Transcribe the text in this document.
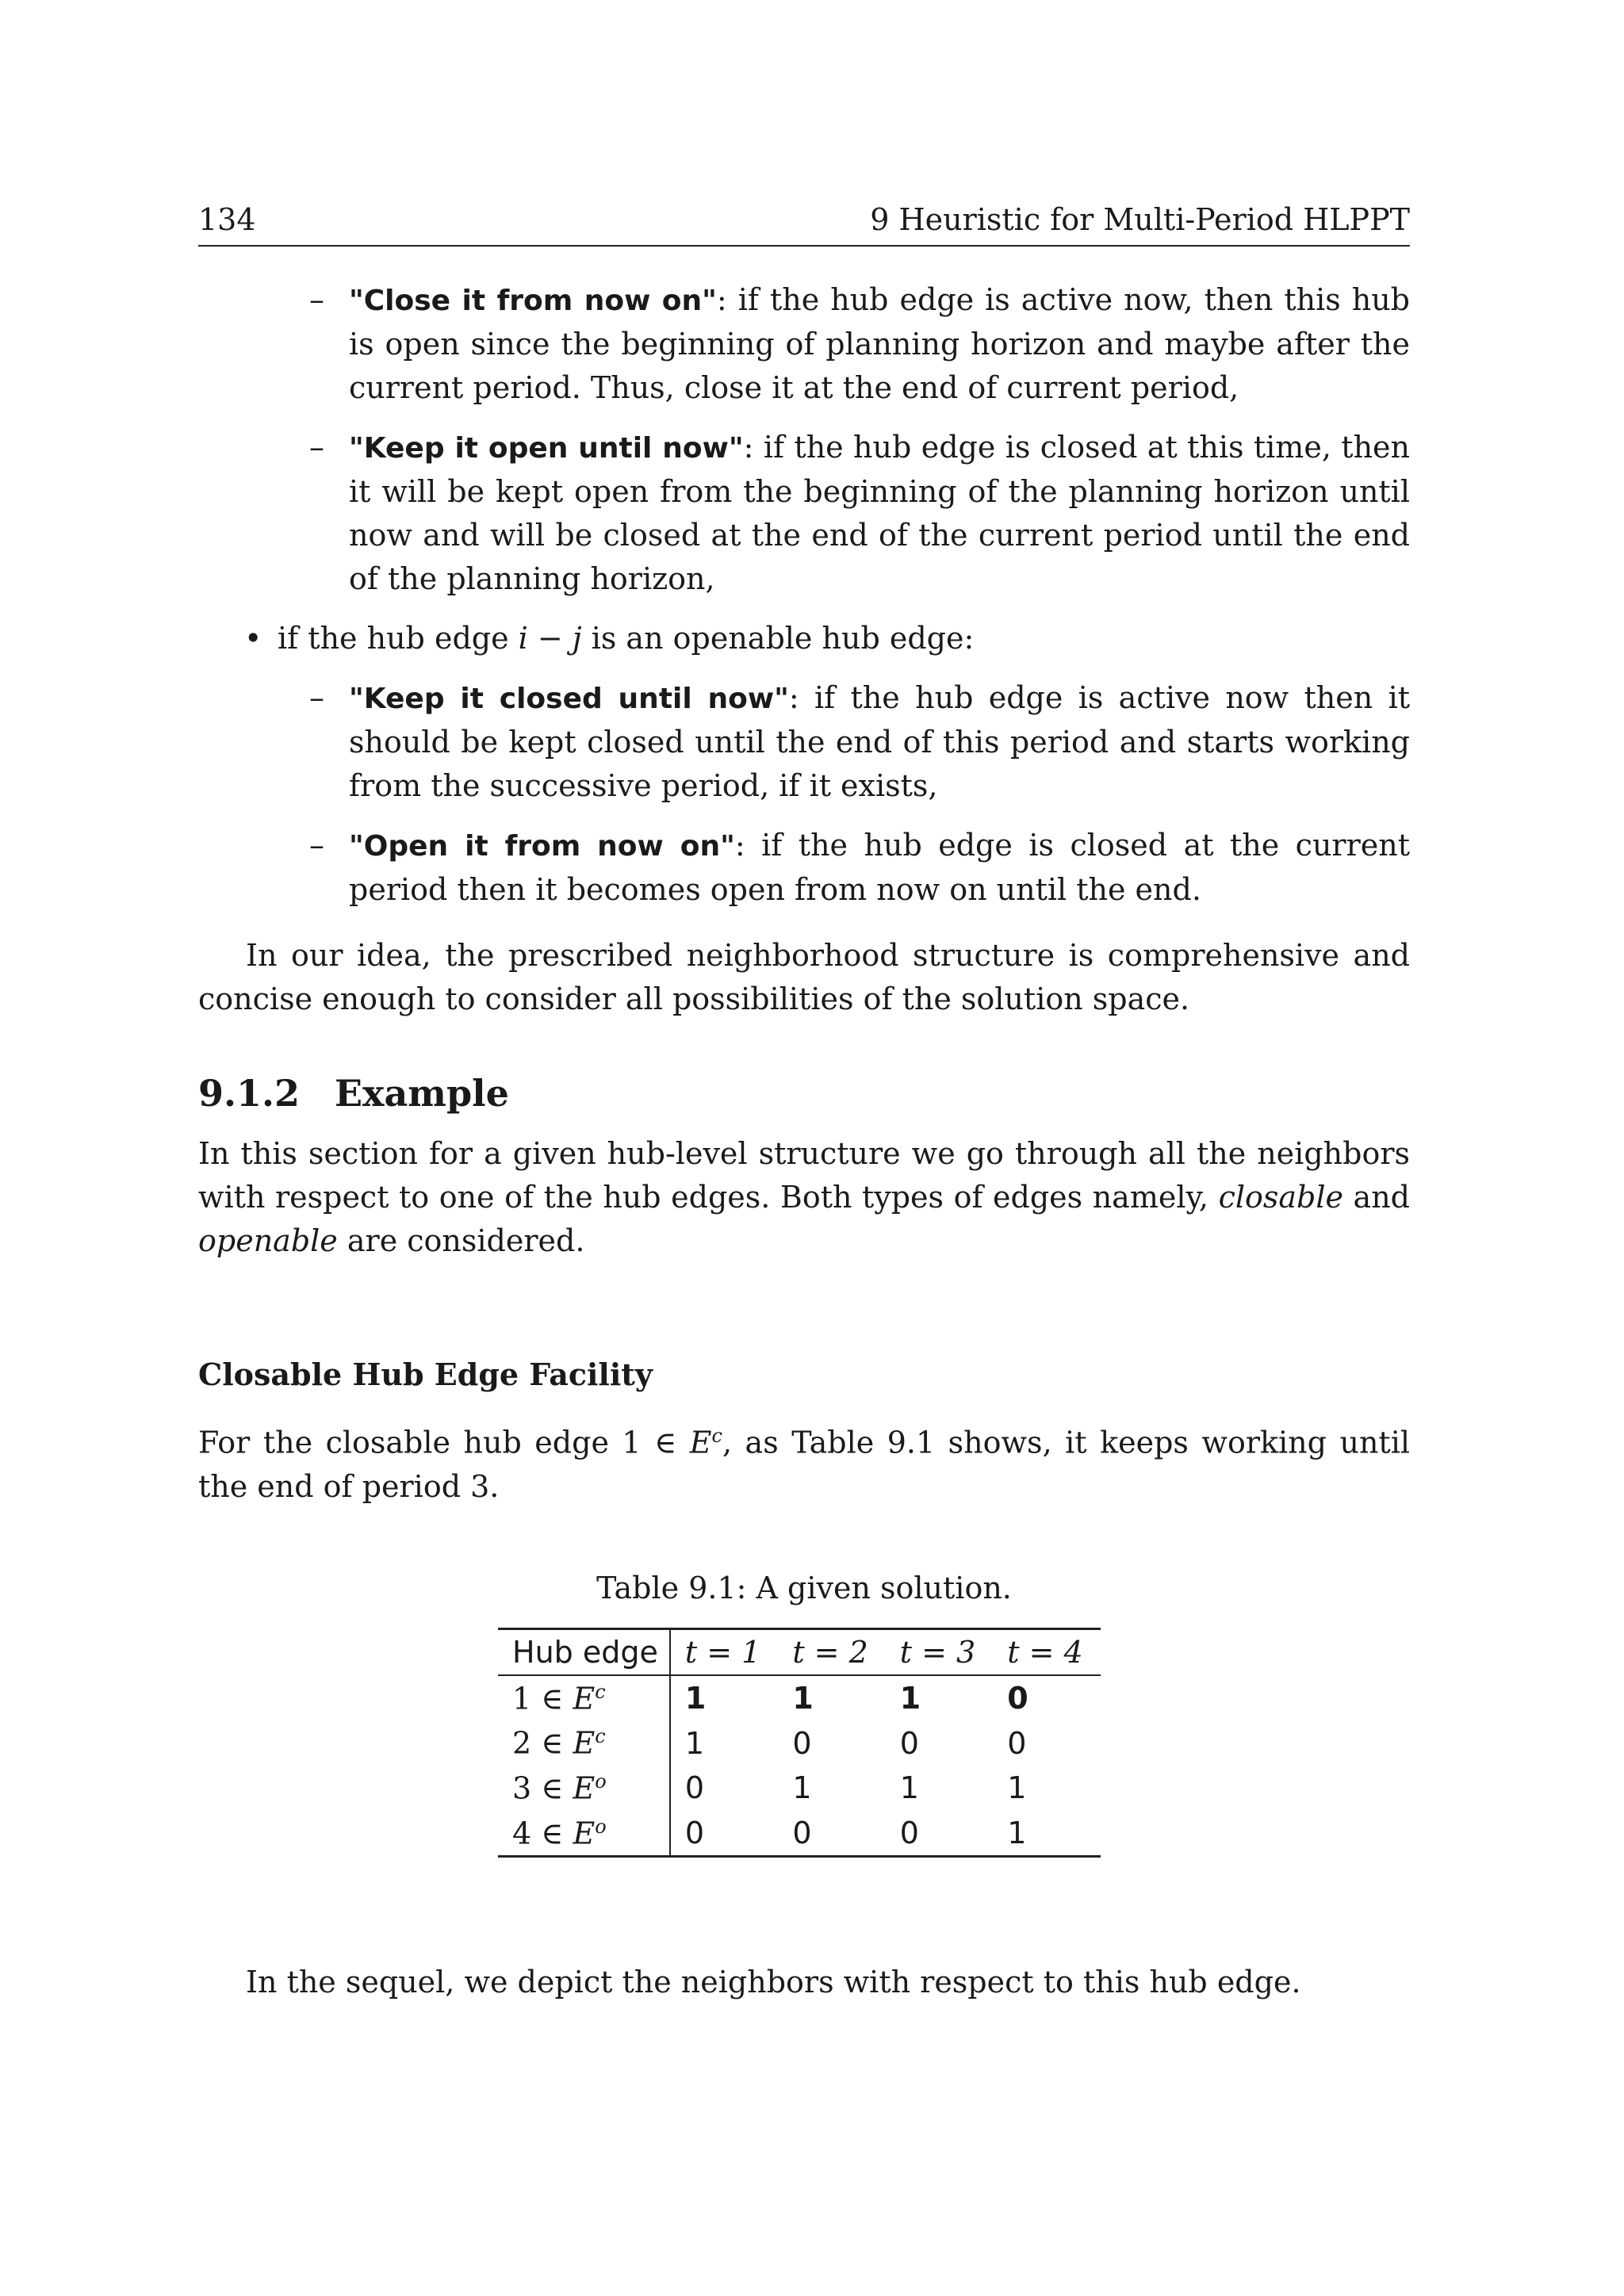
134	9 Heuristic for Multi-Period HLPPT
– "Close it from now on": if the hub edge is active now, then this hub is open since the beginning of planning horizon and maybe after the current period. Thus, close it at the end of current period,
– "Keep it open until now": if the hub edge is closed at this time, then it will be kept open from the beginning of the planning horizon until now and will be closed at the end of the current period until the end of the planning horizon,
• if the hub edge i − j is an openable hub edge:
– "Keep it closed until now": if the hub edge is active now then it should be kept closed until the end of this period and starts working from the successive period, if it exists,
– "Open it from now on": if the hub edge is closed at the current period then it becomes open from now on until the end.

In our idea, the prescribed neighborhood structure is comprehensive and concise enough to consider all possibilities of the solution space.

9.1.2 Example

In this section for a given hub-level structure we go through all the neighbors with respect to one of the hub edges. Both types of edges namely, closable and openable are considered.

Closable Hub Edge Facility

For the closable hub edge 1 ∈ $E^c$, as Table 9.1 shows, it keeps working until the end of period 3.

Table 9.1: A given solution.
Hub edge	t = 1	t = 2	t = 3	t = 4
1 ∈ $E^c$	1	1	1	0
2 ∈ $E^c$	1	0	0	0
3 ∈ $E^o$	0	1	1	1
4 ∈ $E^o$	0	0	0	1

In the sequel, we depict the neighbors with respect to this hub edge.
